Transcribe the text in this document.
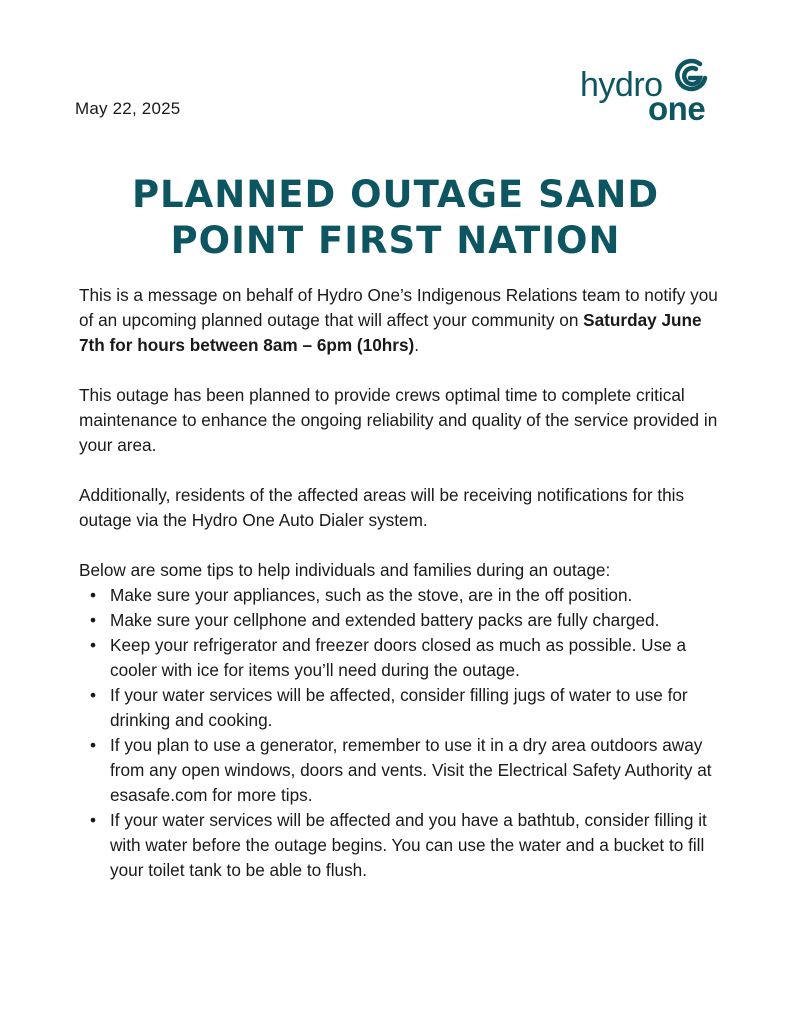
May 22, 2025
hydro
one
PLANNED OUTAGE SAND
POINT FIRST NATION

This is a message on behalf of Hydro One’s Indigenous Relations team to notify you of an upcoming planned outage that will affect your community on Saturday June 7th for hours between 8am – 6pm (10hrs).

This outage has been planned to provide crews optimal time to complete critical maintenance to enhance the ongoing reliability and quality of the service provided in your area.

Additionally, residents of the affected areas will be receiving notifications for this outage via the Hydro One Auto Dialer system.

Below are some tips to help individuals and families during an outage:

• Make sure your appliances, such as the stove, are in the off position.
• Make sure your cellphone and extended battery packs are fully charged.
• Keep your refrigerator and freezer doors closed as much as possible. Use a cooler with ice for items you’ll need during the outage.
• If your water services will be affected, consider filling jugs of water to use for drinking and cooking.
• If you plan to use a generator, remember to use it in a dry area outdoors away from any open windows, doors and vents. Visit the Electrical Safety Authority at esasafe.com for more tips.
• If your water services will be affected and you have a bathtub, consider filling it with water before the outage begins. You can use the water and a bucket to fill your toilet tank to be able to flush.
